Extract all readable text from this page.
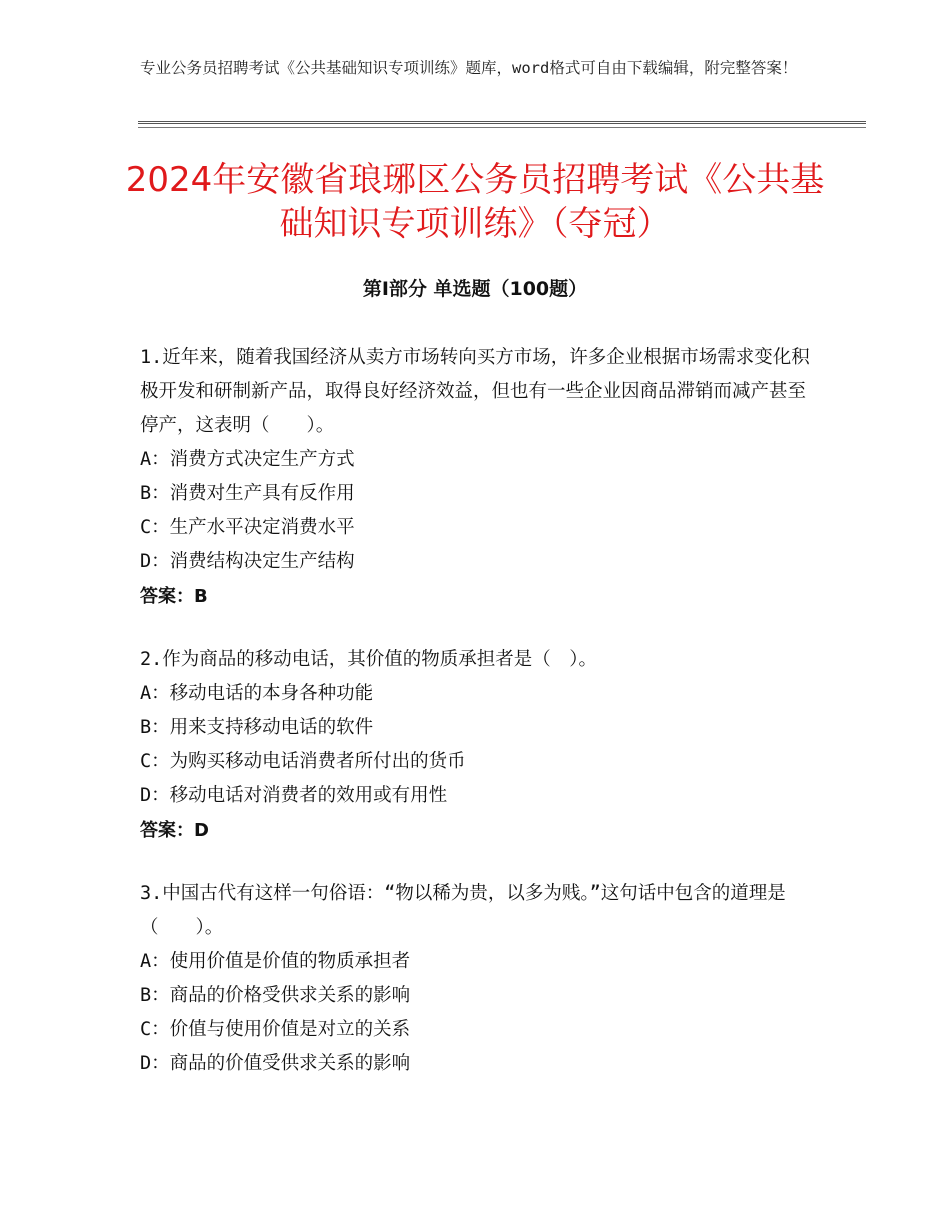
专业公务员招聘考试《公共基础知识专项训练》题库，word格式可自由下载编辑，附完整答案！
2024年安徽省琅琊区公务员招聘考试《公共基础知识专项训练》（夺冠）
第Ⅰ部分 单选题（100题）

1.近年来，随着我国经济从卖方市场转向买方市场，许多企业根据市场需求变化积极开发和研制新产品，取得良好经济效益，但也有一些企业因商品滞销而减产甚至停产，这表明（　　）。

A：消费方式决定生产方式

B：消费对生产具有反作用

C：生产水平决定消费水平

D：消费结构决定生产结构

答案：B

2.作为商品的移动电话，其价值的物质承担者是（　）。

A：移动电话的本身各种功能

B：用来支持移动电话的软件

C：为购买移动电话消费者所付出的货币

D：移动电话对消费者的效用或有用性

答案：D

3.中国古代有这样一句俗语：“物以稀为贵，以多为贱。”这句话中包含的道理是（　　）。

A：使用价值是价值的物质承担者

B：商品的价格受供求关系的影响

C：价值与使用价值是对立的关系

D：商品的价值受供求关系的影响
